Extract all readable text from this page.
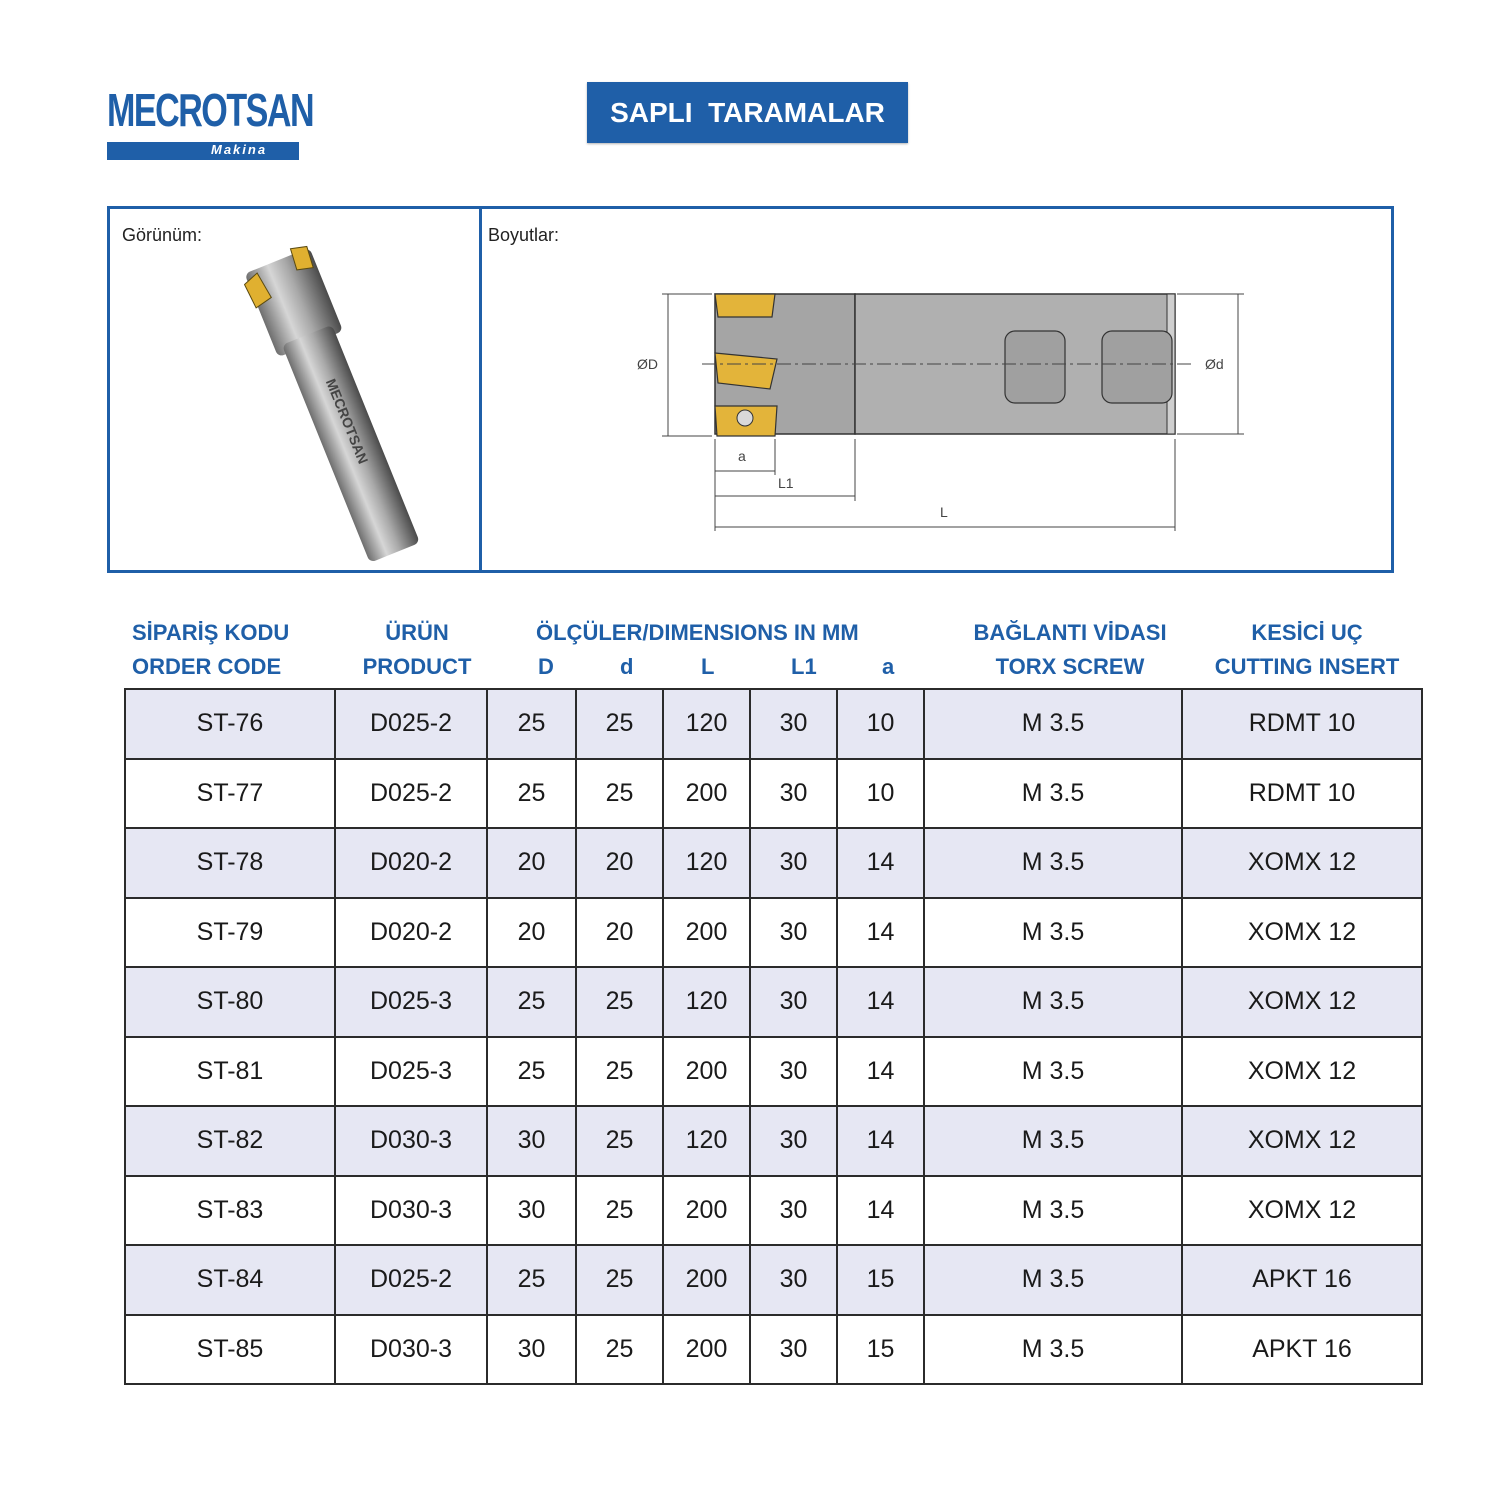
MECROTSAN
Makina
SAPLI  TARAMALAR
Görünüm:
MECROTSAN
Boyutlar:
ØD	Ød
a
L1
L
SİPARİŞ KODU
ORDER CODE
ÜRÜN
PRODUCT
ÖLÇÜLER/DIMENSIONS IN MM
D	d	L	L1	a
BAĞLANTI VİDASI
TORX SCREW
KESİCİ UÇ
CUTTING INSERT
ST-76	D025-2	25	25	120	30	10	M 3.5	RDMT 10
ST-77	D025-2	25	25	200	30	10	M 3.5	RDMT 10
ST-78	D020-2	20	20	120	30	14	M 3.5	XOMX 12
ST-79	D020-2	20	20	200	30	14	M 3.5	XOMX 12
ST-80	D025-3	25	25	120	30	14	M 3.5	XOMX 12
ST-81	D025-3	25	25	200	30	14	M 3.5	XOMX 12
ST-82	D030-3	30	25	120	30	14	M 3.5	XOMX 12
ST-83	D030-3	30	25	200	30	14	M 3.5	XOMX 12
ST-84	D025-2	25	25	200	30	15	M 3.5	APKT 16
ST-85	D030-3	30	25	200	30	15	M 3.5	APKT 16
